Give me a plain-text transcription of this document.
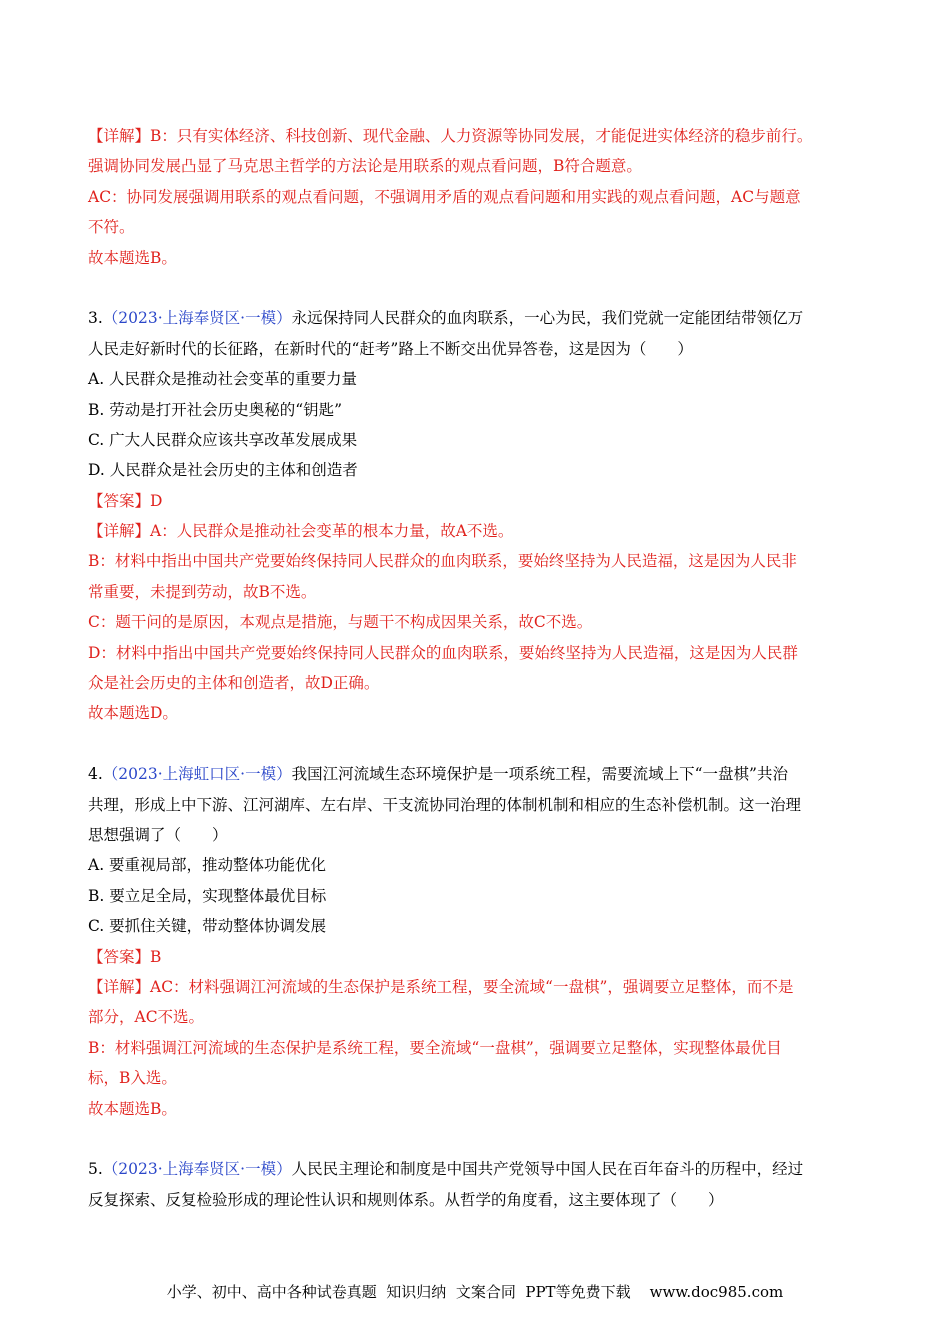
【详解】B：只有实体经济、科技创新、现代金融、人力资源等协同发展，才能促进实体经济的稳步前行。
强调协同发展凸显了马克思主哲学的方法论是用联系的观点看问题，B符合题意。
AC：协同发展强调用联系的观点看问题，不强调用矛盾的观点看问题和用实践的观点看问题，AC与题意
不符。
故本题选B。
3.（2023·上海奉贤区·一模）永远保持同人民群众的血肉联系，一心为民，我们党就一定能团结带领亿万
人民走好新时代的长征路，在新时代的“赶考”路上不断交出优异答卷，这是因为（　　）
A. 人民群众是推动社会变革的重要力量
B. 劳动是打开社会历史奥秘的“钥匙”
C. 广大人民群众应该共享改革发展成果
D. 人民群众是社会历史的主体和创造者
【答案】D
【详解】A：人民群众是推动社会变革的根本力量，故A不选。
B：材料中指出中国共产党要始终保持同人民群众的血肉联系，要始终坚持为人民造福，这是因为人民非
常重要，未提到劳动，故B不选。
C：题干问的是原因，本观点是措施，与题干不构成因果关系，故C不选。
D：材料中指出中国共产党要始终保持同人民群众的血肉联系，要始终坚持为人民造福，这是因为人民群
众是社会历史的主体和创造者，故D正确。
故本题选D。
4.（2023·上海虹口区·一模）我国江河流域生态环境保护是一项系统工程，需要流域上下“一盘棋”共治
共理，形成上中下游、江河湖库、左右岸、干支流协同治理的体制机制和相应的生态补偿机制。这一治理
思想强调了（　　）
A. 要重视局部，推动整体功能优化
B. 要立足全局，实现整体最优目标
C. 要抓住关键，带动整体协调发展
【答案】B
【详解】AC：材料强调江河流域的生态保护是系统工程，要全流域“一盘棋”，强调要立足整体，而不是
部分，AC不选。
B：材料强调江河流域的生态保护是系统工程，要全流域“一盘棋”，强调要立足整体，实现整体最优目
标，B入选。
故本题选B。
5.（2023·上海奉贤区·一模）人民民主理论和制度是中国共产党领导中国人民在百年奋斗的历程中，经过
反复探索、反复检验形成的理论性认识和规则体系。从哲学的角度看，这主要体现了（　　）
小学、初中、高中各种试卷真题  知识归纳  文案合同  PPT等免费下载    www.doc985.com
